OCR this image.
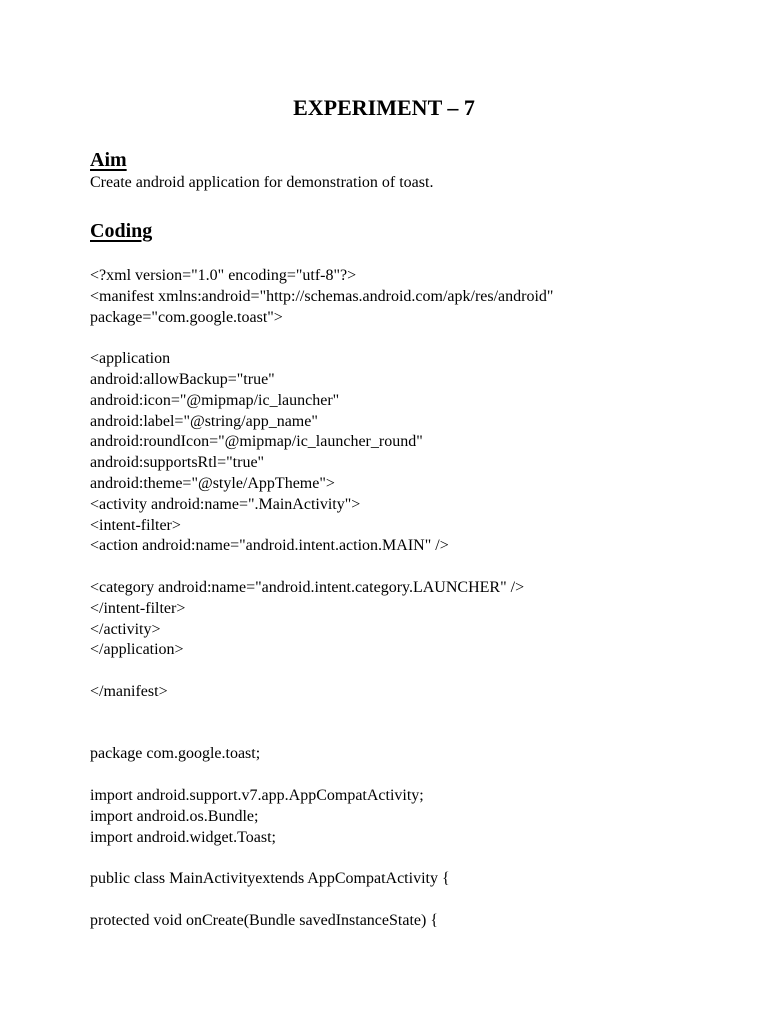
EXPERIMENT – 7
Aim
Create android application for demonstration of toast.
Coding
<?xml version="1.0" encoding="utf-8"?>
<manifest xmlns:android="http://schemas.android.com/apk/res/android"
package="com.google.toast">
<application
android:allowBackup="true"
android:icon="@mipmap/ic_launcher"
android:label="@string/app_name"
android:roundIcon="@mipmap/ic_launcher_round"
android:supportsRtl="true"
android:theme="@style/AppTheme">
<activity android:name=".MainActivity">
<intent-filter>
<action android:name="android.intent.action.MAIN" />
<category android:name="android.intent.category.LAUNCHER" />
</intent-filter>
</activity>
</application>
</manifest>
package com.google.toast;
import android.support.v7.app.AppCompatActivity;
import android.os.Bundle;
import android.widget.Toast;
public class MainActivityextends AppCompatActivity {
protected void onCreate(Bundle savedInstanceState) {
